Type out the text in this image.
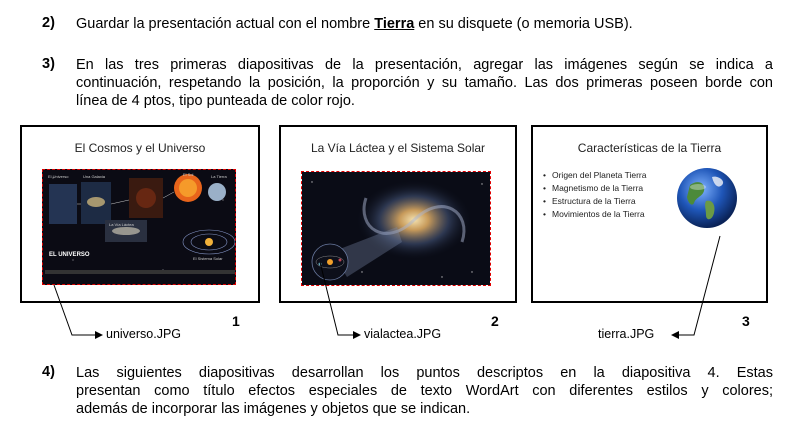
2) Guardar la presentación actual con el nombre Tierra en su disquete (o memoria USB).
3) En las tres primeras diapositivas de la presentación, agregar las imágenes según se indica a
continuación, respetando la posición, la proporción y su tamaño. Las dos primeras poseen borde con
línea de 4 ptos, tipo punteada de color rojo.
El Cosmos y el Universo
El Universo	Una Galaxia	El Sol	La Tierra
La Vía Láctea
El Sistema Solar
EL UNIVERSO
1
La Vía Láctea y el Sistema Solar
2
Características de la Tierra
• Origen del Planeta Tierra
• Magnetismo de la Tierra
• Estructura de la Tierra
• Movimientos de la Tierra
3
universo.JPG	vialactea.JPG	tierra.JPG
4) Las siguientes diapositivas desarrollan los puntos descriptos en la diapositiva 4. Estas
presentan como título efectos especiales de texto WordArt con diferentes estilos y colores;
además de incorporar las imágenes y objetos que se indican.
